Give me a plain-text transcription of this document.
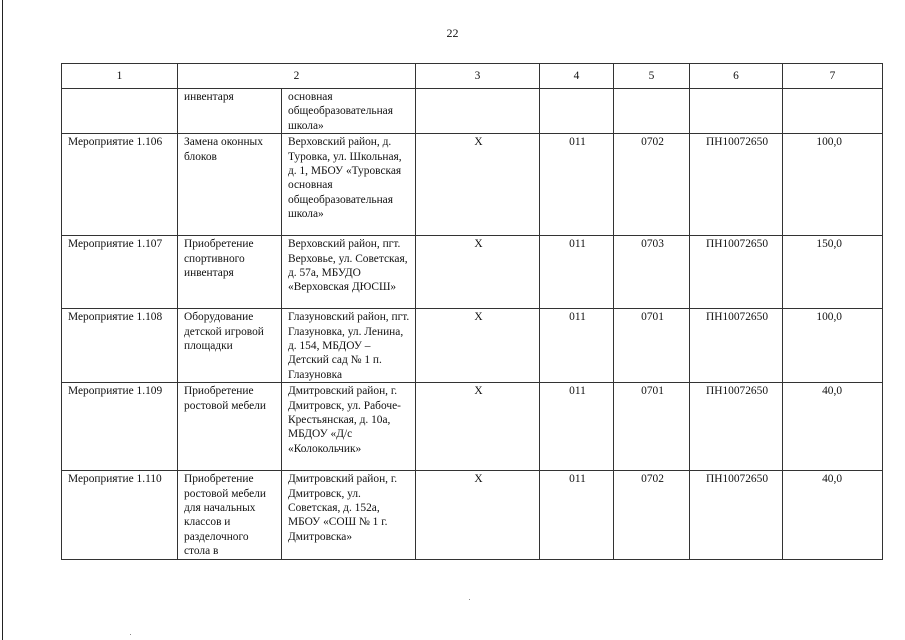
22
1	2		3	4	5	6	7
	инвентаря	основная общеобразовательная школа»					
Мероприятие 1.106	Замена оконных блоков	Верховский район, д. Туровка, ул. Школьная, д. 1, МБОУ «Туровская основная общеобразовательная школа»	Х	011	0702	ПН10072650	100,0
Мероприятие 1.107	Приобретение спортивного инвентаря	Верховский район, пгт. Верховье, ул. Советская, д. 57а, МБУДО «Верховская ДЮСШ»	Х	011	0703	ПН10072650	150,0
Мероприятие 1.108	Оборудование детской игровой площадки	Глазуновский район, пгт. Глазуновка, ул. Ленина, д. 154, МБДОУ – Детский сад № 1 п. Глазуновка	Х	011	0701	ПН10072650	100,0
Мероприятие 1.109	Приобретение ростовой мебели	Дмитровский район, г. Дмитровск, ул. Рабоче-Крестьянская, д. 10а, МБДОУ «Д/с «Колокольчик»	Х	011	0701	ПН10072650	40,0
Мероприятие 1.110	Приобретение ростовой мебели для начальных классов и разделочного стола в	Дмитровский район, г. Дмитровск, ул. Советская, д. 152а, МБОУ «СОШ № 1 г. Дмитровска»	Х	011	0702	ПН10072650	40,0
